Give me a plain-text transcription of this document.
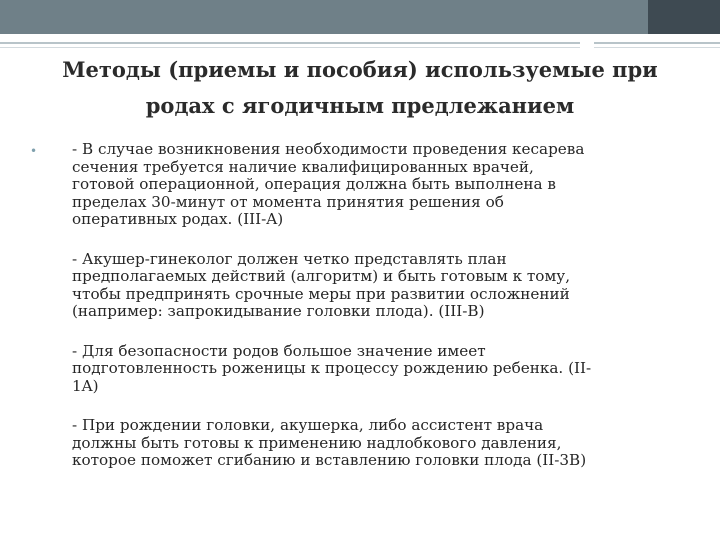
Методы (приемы и пособия) используемые при
родах с ягодичным предлежанием
• - В случае возникновения необходимости проведения кесарева
сечения требуется наличие квалифицированных врачей,
готовой операционной, операция должна быть выполнена в
пределах 30-минут от момента принятия решения об
оперативных родах. (III-A)

- Акушер-гинеколог должен четко представлять план
предполагаемых действий (алгоритм) и быть готовым к тому,
чтобы предпринять срочные меры при развитии осложнений
(например: запрокидывание головки плода). (III-B)

- Для безопасности родов большое значение имеет
подготовленность роженицы к процессу рождению ребенка. (II-
1A)

- При рождении головки, акушерка, либо ассистент врача
должны быть готовы к применению надлобкового давления,
которое поможет сгибанию и вставлению головки плода (II-3B)
